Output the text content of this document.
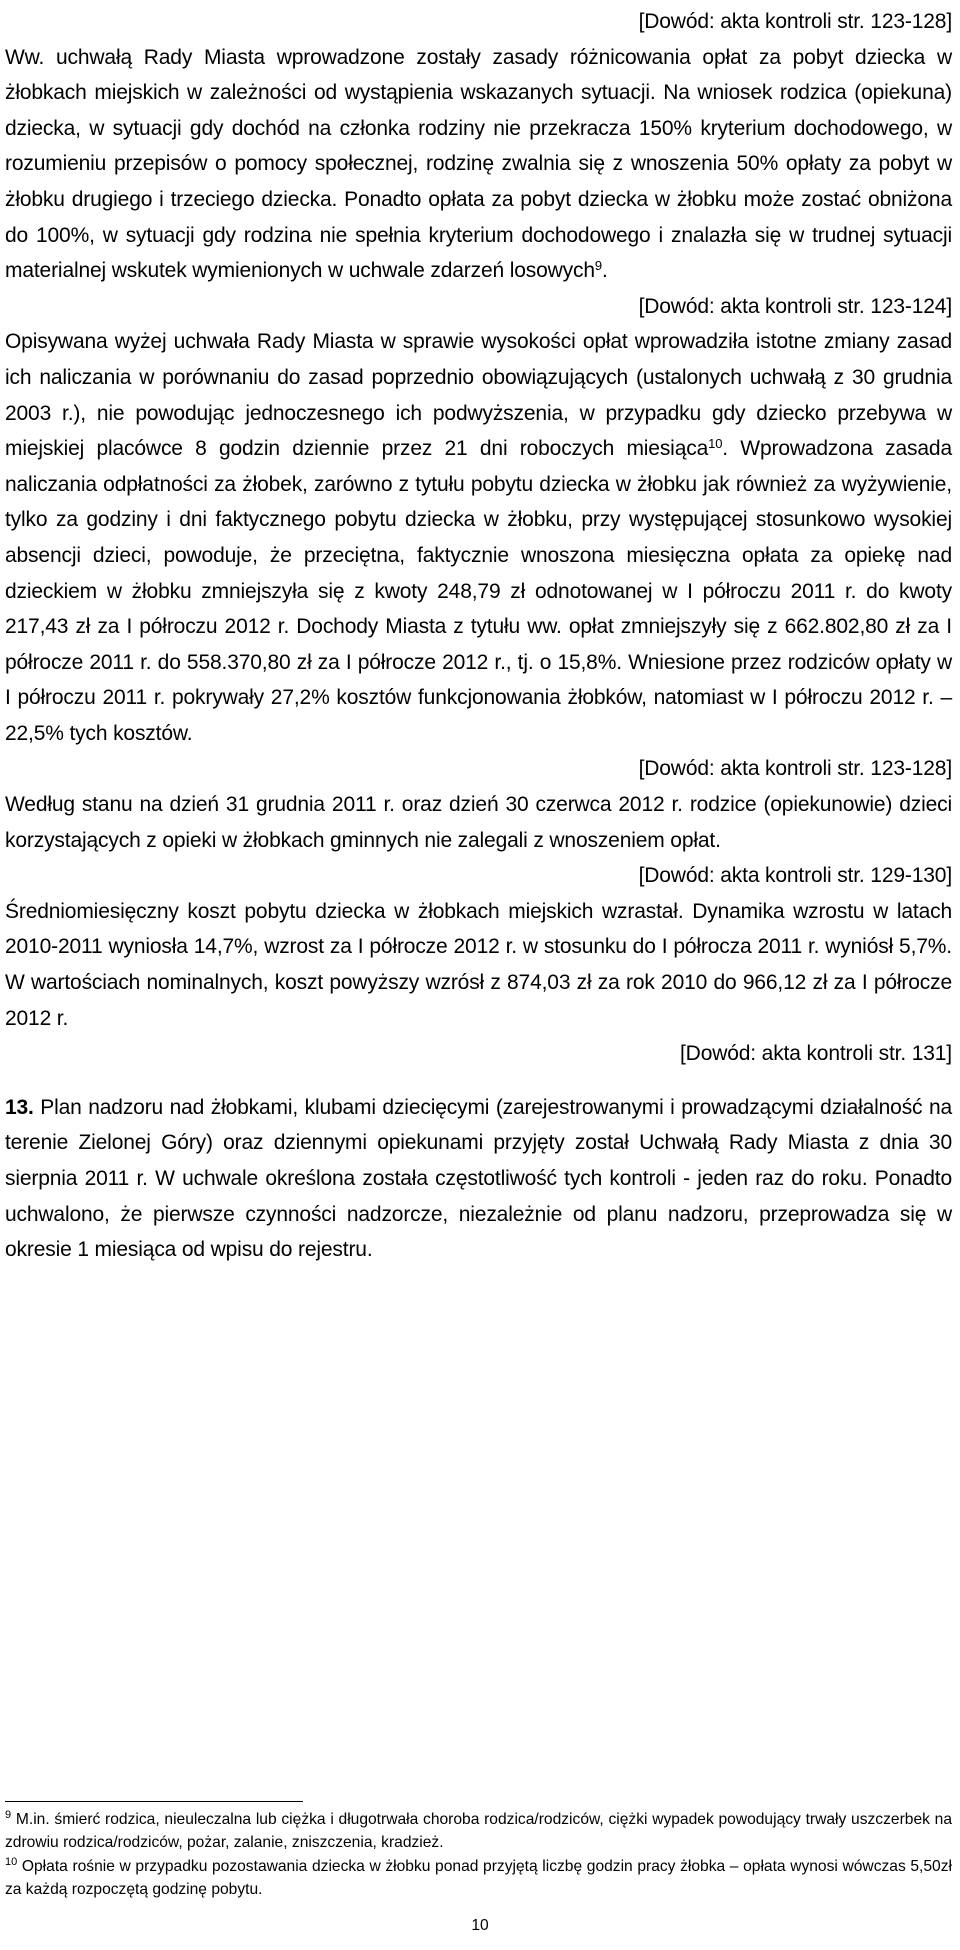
[Dowód: akta kontroli str. 123-128]

Ww. uchwałą Rady Miasta wprowadzone zostały zasady różnicowania opłat za pobyt dziecka w żłobkach miejskich w zależności od wystąpienia wskazanych sytuacji. Na wniosek rodzica (opiekuna) dziecka, w sytuacji gdy dochód na członka rodziny nie przekracza 150% kryterium dochodowego, w rozumieniu przepisów o pomocy społecznej, rodzinę zwalnia się z wnoszenia 50% opłaty za pobyt w żłobku drugiego i trzeciego dziecka. Ponadto opłata za pobyt dziecka w żłobku może zostać obniżona do 100%, w sytuacji gdy rodzina nie spełnia kryterium dochodowego i znalazła się w trudnej sytuacji materialnej wskutek wymienionych w uchwale zdarzeń losowych$^9$.

[Dowód: akta kontroli str. 123-124]

Opisywana wyżej uchwała Rady Miasta w sprawie wysokości opłat wprowadziła istotne zmiany zasad ich naliczania w porównaniu do zasad poprzednio obowiązujących (ustalonych uchwałą z 30 grudnia 2003 r.), nie powodując jednoczesnego ich podwyższenia, w przypadku gdy dziecko przebywa w miejskiej placówce 8 godzin dziennie przez 21 dni roboczych miesiąca$^{10}$. Wprowadzona zasada naliczania odpłatności za żłobek, zarówno z tytułu pobytu dziecka w żłobku jak również za wyżywienie, tylko za godziny i dni faktycznego pobytu dziecka w żłobku, przy występującej stosunkowo wysokiej absencji dzieci, powoduje, że przeciętna, faktycznie wnoszona miesięczna opłata za opiekę nad dzieckiem w żłobku zmniejszyła się z kwoty 248,79 zł odnotowanej w I półroczu 2011 r. do kwoty 217,43 zł za I półroczu 2012 r. Dochody Miasta z tytułu ww. opłat zmniejszyły się z 662.802,80 zł za I półrocze 2011 r. do 558.370,80 zł za I półrocze 2012 r., tj. o 15,8%. Wniesione przez rodziców opłaty w I półroczu 2011 r. pokrywały 27,2% kosztów funkcjonowania żłobków, natomiast w I półroczu 2012 r. – 22,5% tych kosztów.

[Dowód: akta kontroli str. 123-128]

Według stanu na dzień 31 grudnia 2011 r. oraz dzień 30 czerwca 2012 r. rodzice (opiekunowie) dzieci korzystających z opieki w żłobkach gminnych nie zalegali z wnoszeniem opłat.

[Dowód: akta kontroli str. 129-130]

Średniomiesięczny koszt pobytu dziecka w żłobkach miejskich wzrastał. Dynamika wzrostu w latach 2010-2011 wyniosła 14,7%, wzrost za I półrocze 2012 r. w stosunku do I półrocza 2011 r. wyniósł 5,7%. W wartościach nominalnych, koszt powyższy wzrósł z 874,03 zł za rok 2010 do 966,12 zł za I półrocze 2012 r.

[Dowód: akta kontroli str. 131]

13. Plan nadzoru nad żłobkami, klubami dziecięcymi (zarejestrowanymi i prowadzącymi działalność na terenie Zielonej Góry) oraz dziennymi opiekunami przyjęty został Uchwałą Rady Miasta z dnia 30 sierpnia 2011 r. W uchwale określona została częstotliwość tych kontroli - jeden raz do roku. Ponadto uchwalono, że pierwsze czynności nadzorcze, niezależnie od planu nadzoru, przeprowadza się w okresie 1 miesiąca od wpisu do rejestru.

$^9$ M.in. śmierć rodzica, nieuleczalna lub ciężka i długotrwała choroba rodzica/rodziców, ciężki wypadek powodujący trwały uszczerbek na zdrowiu rodzica/rodziców, pożar, zalanie, zniszczenia, kradzież.

$^{10}$ Opłata rośnie w przypadku pozostawania dziecka w żłobku ponad przyjętą liczbę godzin pracy żłobka – opłata wynosi wówczas 5,50zł za każdą rozpoczętą godzinę pobytu.

10
